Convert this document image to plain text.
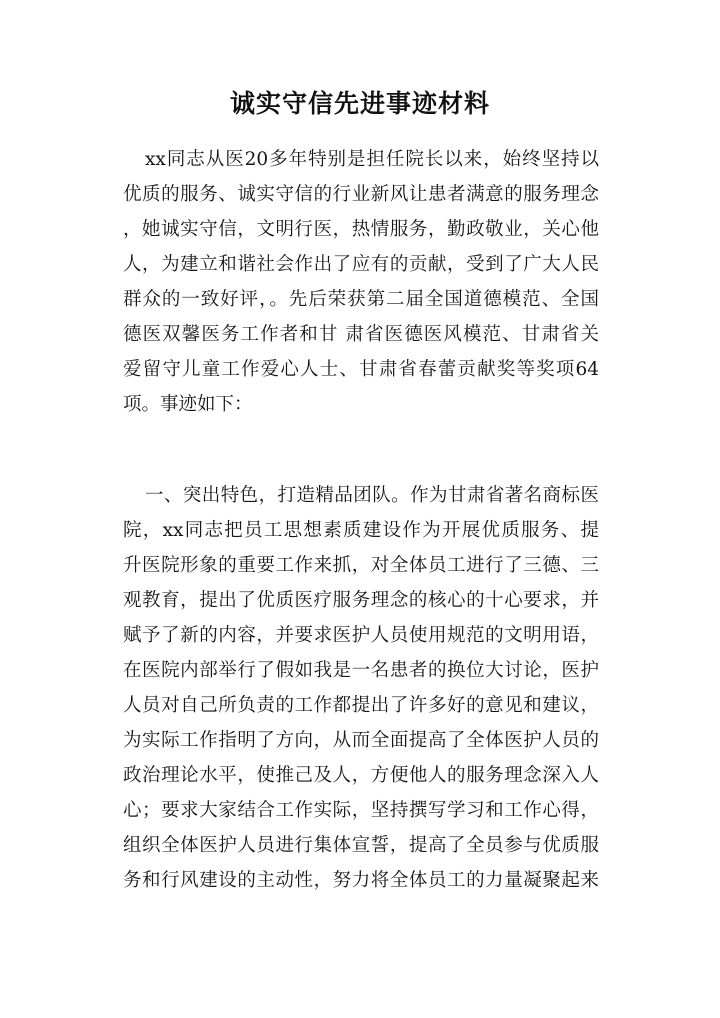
诚实守信先进事迹材料
xx同志从医20多年特别是担任院长以来，始终坚持以
优质的服务、诚实守信的行业新风让患者满意的服务理念
，她诚实守信，文明行医，热情服务，勤政敬业，关心他
人，为建立和谐社会作出了应有的贡献，受到了广大人民
群众的一致好评，。先后荣获第二届全国道德模范、全国
德医双馨医务工作者和甘 肃省医德医风模范、甘肃省关
爱留守儿童工作爱心人士、甘肃省春蕾贡献奖等奖项64
项。事迹如下：
一、突出特色，打造精品团队。作为甘肃省著名商标医
院，xx同志把员工思想素质建设作为开展优质服务、提
升医院形象的重要工作来抓，对全体员工进行了三德、三
观教育，提出了优质医疗服务理念的核心的十心要求，并
赋予了新的内容，并要求医护人员使用规范的文明用语，
在医院内部举行了假如我是一名患者的换位大讨论，医护
人员对自己所负责的工作都提出了许多好的意见和建议，
为实际工作指明了方向，从而全面提高了全体医护人员的
政治理论水平，使推己及人，方便他人的服务理念深入人
心；要求大家结合工作实际，坚持撰写学习和工作心得，
组织全体医护人员进行集体宣誓，提高了全员参与优质服
务和行风建设的主动性，努力将全体员工的力量凝聚起来
